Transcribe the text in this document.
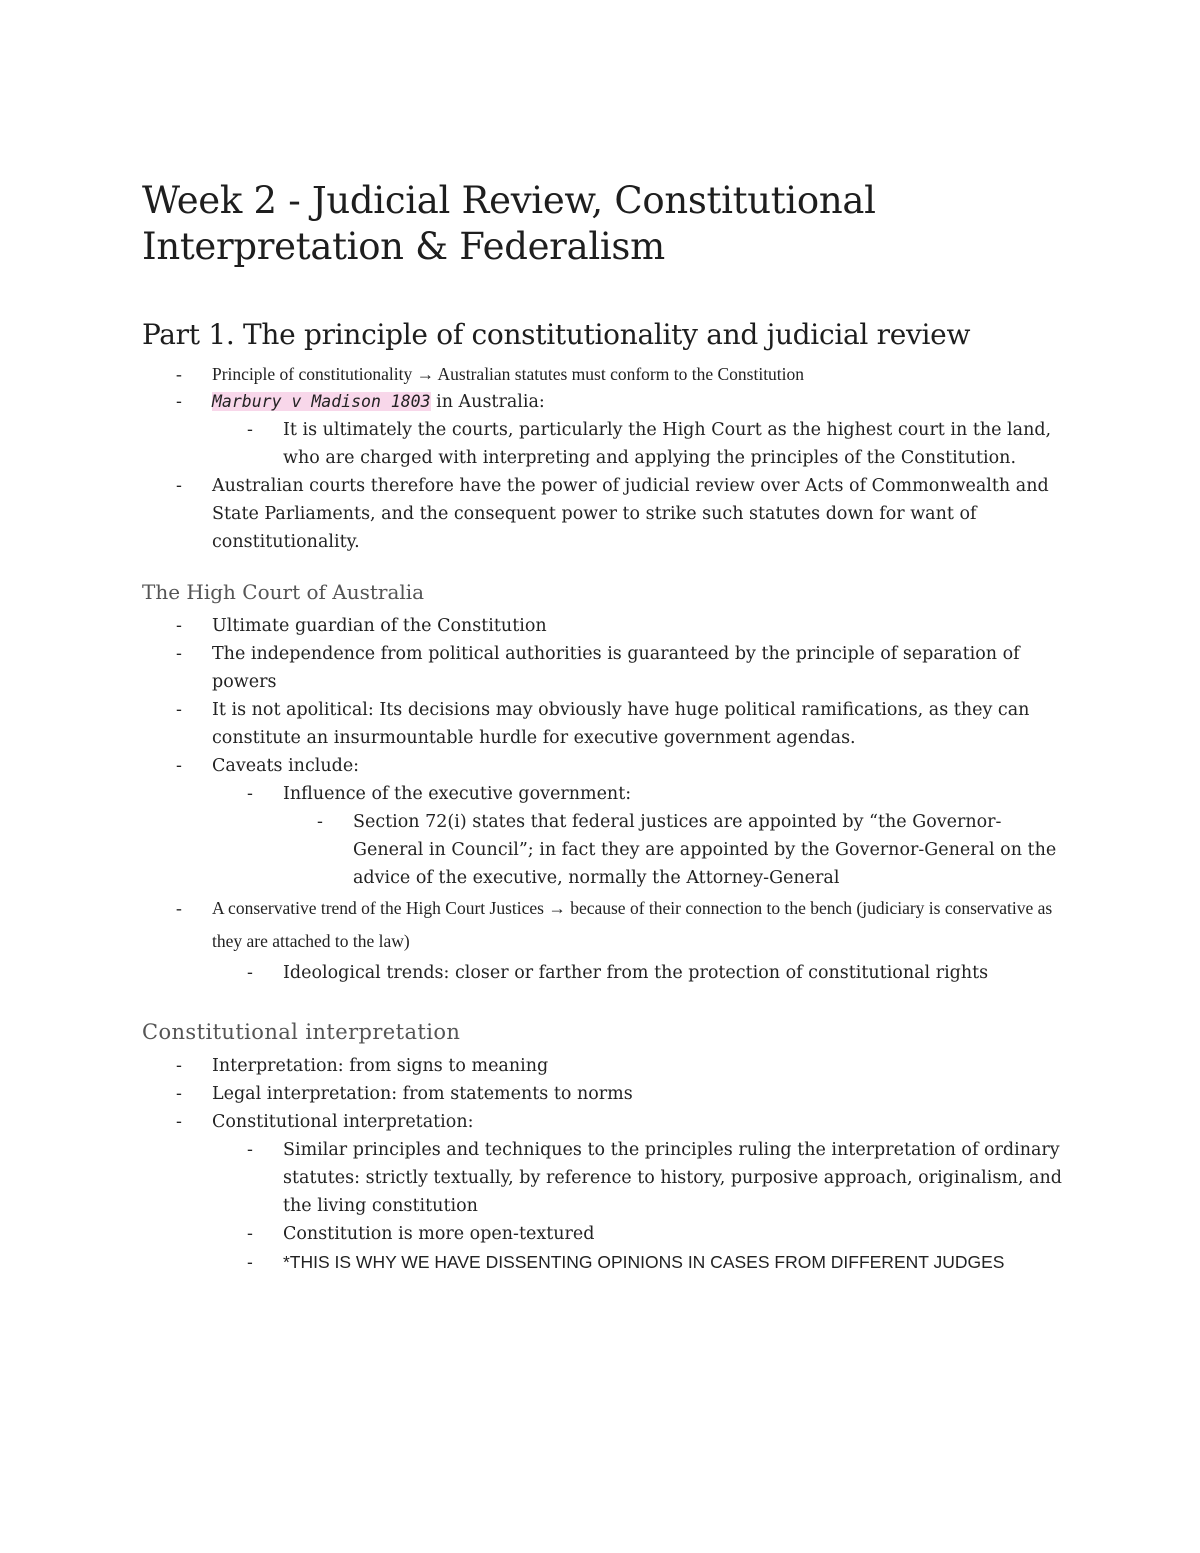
Week 2 - Judicial Review, Constitutional Interpretation & Federalism
Part 1. The principle of constitutionality and judicial review
- Principle of constitutionality → Australian statutes must conform to the Constitution
- Marbury v Madison 1803 in Australia:
- It is ultimately the courts, particularly the High Court as the highest court in the land, who are charged with interpreting and applying the principles of the Constitution.
- Australian courts therefore have the power of judicial review over Acts of Commonwealth and State Parliaments, and the consequent power to strike such statutes down for want of constitutionality.
The High Court of Australia
- Ultimate guardian of the Constitution
- The independence from political authorities is guaranteed by the principle of separation of powers
- It is not apolitical: Its decisions may obviously have huge political ramifications, as they can constitute an insurmountable hurdle for executive government agendas.
- Caveats include:
- Influence of the executive government:
- Section 72(i) states that federal justices are appointed by “the Governor-General in Council”; in fact they are appointed by the Governor-General on the advice of the executive, normally the Attorney-General
- A conservative trend of the High Court Justices → because of their connection to the bench (judiciary is conservative as they are attached to the law)
- Ideological trends: closer or farther from the protection of constitutional rights
Constitutional interpretation
- Interpretation: from signs to meaning
- Legal interpretation: from statements to norms
- Constitutional interpretation:
- Similar principles and techniques to the principles ruling the interpretation of ordinary statutes: strictly textually, by reference to history, purposive approach, originalism, and the living constitution
- Constitution is more open-textured
- *THIS IS WHY WE HAVE DISSENTING OPINIONS IN CASES FROM DIFFERENT JUDGES
